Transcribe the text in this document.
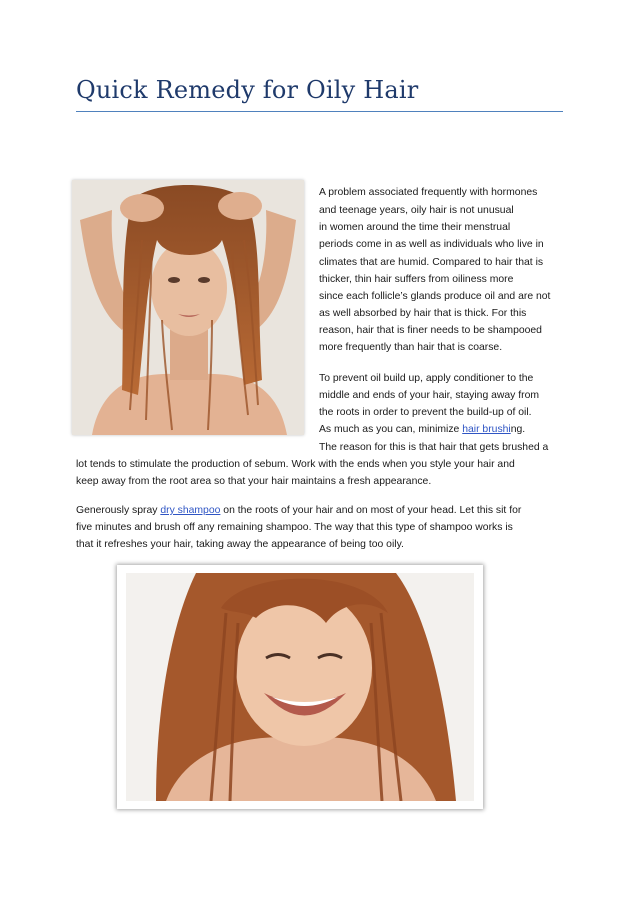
Quick Remedy for Oily Hair
A problem associated frequently with hormones
and teenage years, oily hair is not unusual
in women around the time their menstrual
periods come in as well as individuals who live in
climates that are humid. Compared to hair that is
thicker, thin hair suffers from oiliness more
since each follicle’s glands produce oil and are not
as well absorbed by hair that is thick. For this
reason, hair that is finer needs to be shampooed
more frequently than hair that is coarse.
To prevent oil build up, apply conditioner to the
middle and ends of your hair, staying away from
the roots in order to prevent the build-up of oil.
As much as you can, minimize hair brushing.
The reason for this is that hair that gets brushed a
lot tends to stimulate the production of sebum. Work with the ends when you style your hair and
keep away from the root area so that your hair maintains a fresh appearance.
Generously spray dry shampoo on the roots of your hair and on most of your head. Let this sit for
five minutes and brush off any remaining shampoo. The way that this type of shampoo works is
that it refreshes your hair, taking away the appearance of being too oily.
